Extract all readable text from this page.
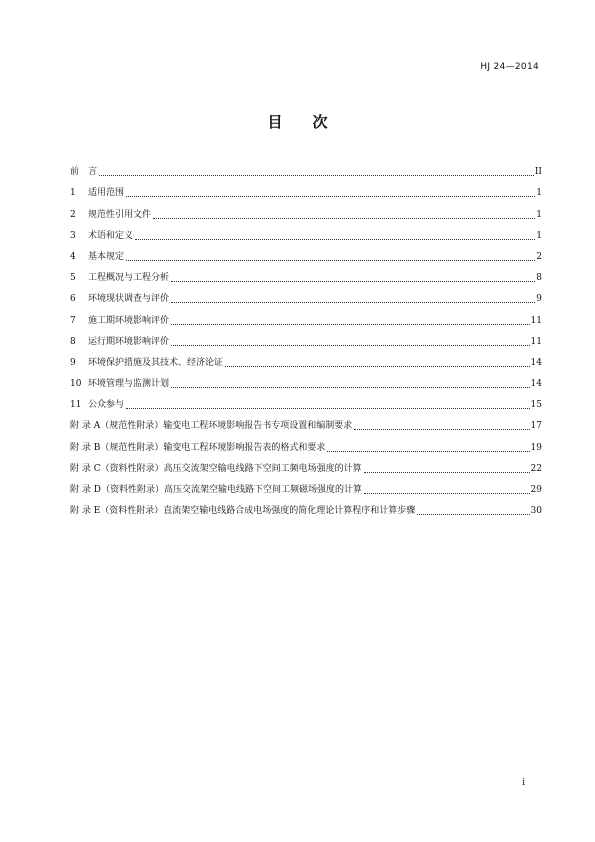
HJ 24—2014
目 次
前　言	II
1	适用范围	1
2	规范性引用文件	1
3	术语和定义	1
4	基本规定	2
5	工程概况与工程分析	8
6	环境现状调查与评价	9
7	施工期环境影响评价	11
8	运行期环境影响评价	11
9	环境保护措施及其技术、经济论证	14
10 环境管理与监测计划	14
11 公众参与	15
附 录 A （规范性附录）输变电工程环境影响报告书专项设置和编制要求	17
附 录 B （规范性附录）输变电工程环境影响报告表的格式和要求	19
附 录 C （资料性附录）高压交流架空输电线路下空间工频电场强度的计算	22
附 录 D （资料性附录）高压交流架空输电线路下空间工频磁场强度的计算	29
附 录 E （资料性附录）直流架空输电线路合成电场强度的简化理论计算程序和计算步骤	30
i
